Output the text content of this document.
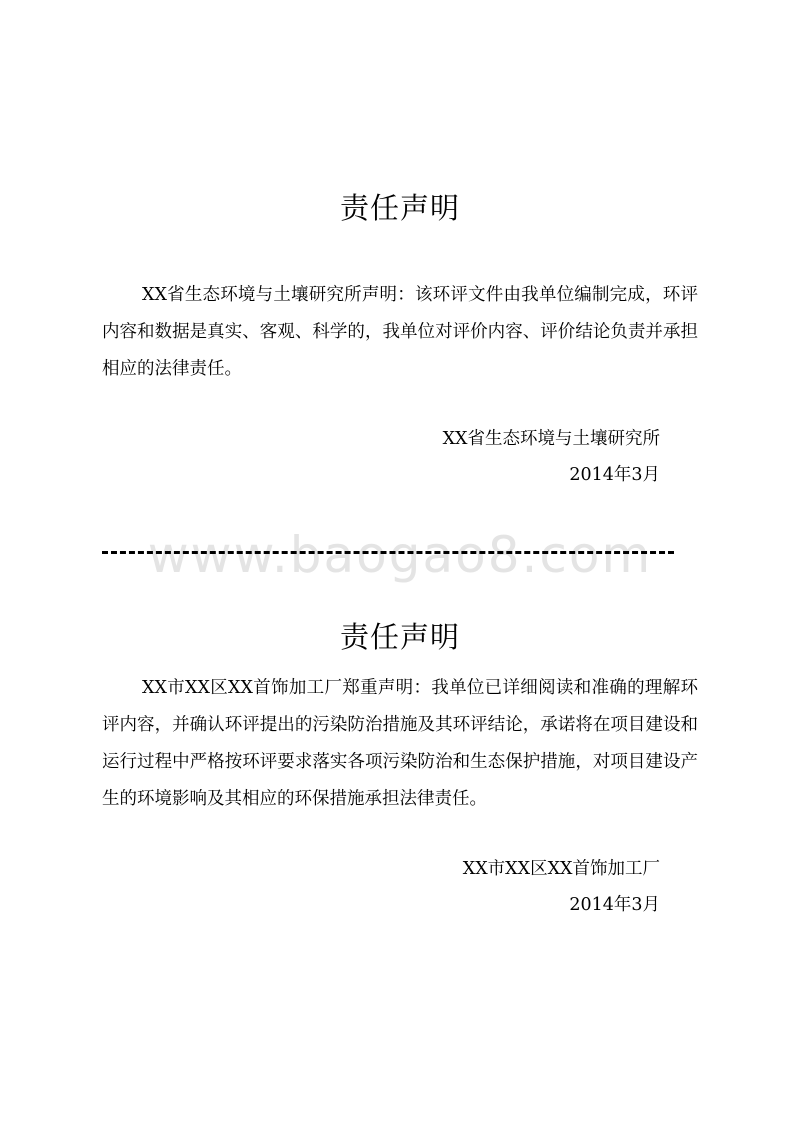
责任声明
XX省生态环境与土壤研究所声明：该环评文件由我单位编制完成，环评内容和数据是真实、客观、科学的，我单位对评价内容、评价结论负责并承担相应的法律责任。
XX省生态环境与土壤研究所
2014年3月
www.baogao8.com
责任声明
XX市XX区XX首饰加工厂郑重声明：我单位已详细阅读和准确的理解环评内容，并确认环评提出的污染防治措施及其环评结论，承诺将在项目建设和运行过程中严格按环评要求落实各项污染防治和生态保护措施，对项目建设产生的环境影响及其相应的环保措施承担法律责任。
XX市XX区XX首饰加工厂
2014年3月
